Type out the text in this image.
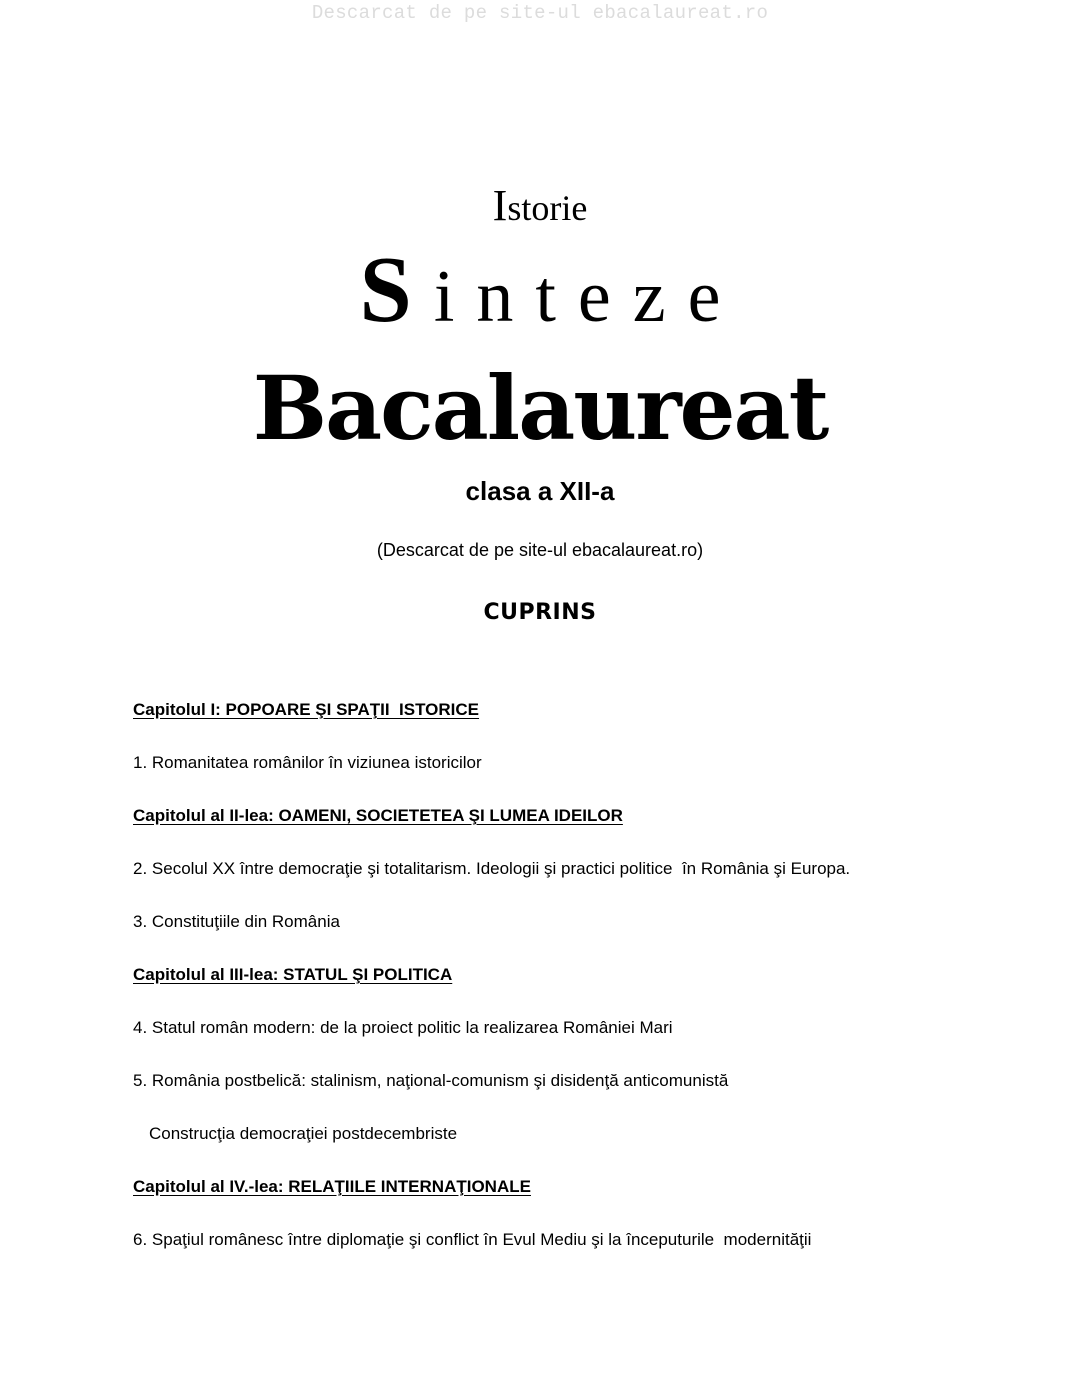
Descarcat de pe site-ul ebacalaureat.ro
Istorie
Sinteze
Bacalaureat
clasa a XII-a
(Descarcat de pe site-ul ebacalaureat.ro)
CUPRINS
Capitolul I: POPOARE ŞI SPAŢII  ISTORICE
1. Romanitatea românilor în viziunea istoricilor
Capitolul al II-lea: OAMENI, SOCIETETEA ŞI LUMEA IDEILOR
2. Secolul XX între democraţie şi totalitarism. Ideologii şi practici politice  în România şi Europa.
3. Constituţiile din România
Capitolul al III-lea: STATUL ŞI POLITICA
4. Statul român modern: de la proiect politic la realizarea României Mari
5. România postbelică: stalinism, naţional-comunism şi disidenţă anticomunistă
Construcţia democraţiei postdecembriste
Capitolul al IV.-lea: RELAŢIILE INTERNAŢIONALE
6. Spaţiul românesc între diplomaţie şi conflict în Evul Mediu şi la începuturile  modernităţii
